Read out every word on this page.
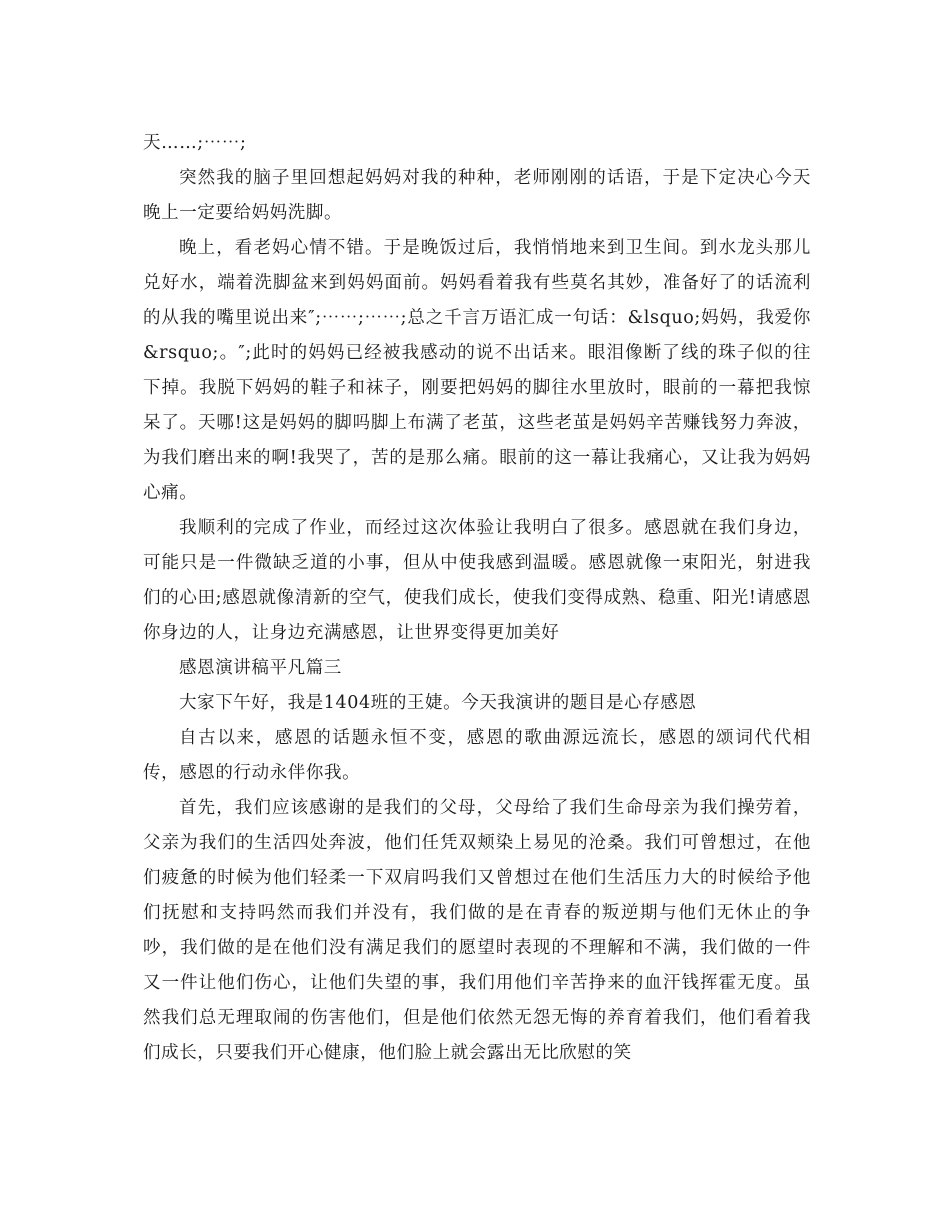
天……;⋯⋯;

突然我的脑子里回想起妈妈对我的种种，老师刚刚的话语，于是下定决心今天晚上一定要给妈妈洗脚。

晚上，看老妈心情不错。于是晚饭过后，我悄悄地来到卫生间。到水龙头那儿兑好水，端着洗脚盆来到妈妈面前。妈妈看着我有些莫名其妙，准备好了的话流利的从我的嘴里说出来″;⋯⋯;⋯⋯;总之千言万语汇成一句话：&lsquo;妈妈，我爱你&rsquo;。″;此时的妈妈已经被我感动的说不出话来。眼泪像断了线的珠子似的往下掉。我脱下妈妈的鞋子和袜子，刚要把妈妈的脚往水里放时，眼前的一幕把我惊呆了。天哪!这是妈妈的脚吗脚上布满了老茧，这些老茧是妈妈辛苦赚钱努力奔波，为我们磨出来的啊!我哭了，苦的是那么痛。眼前的这一幕让我痛心，又让我为妈妈心痛。

我顺利的完成了作业，而经过这次体验让我明白了很多。感恩就在我们身边，可能只是一件微缺乏道的小事，但从中使我感到温暖。感恩就像一束阳光，射进我们的心田;感恩就像清新的空气，使我们成长，使我们变得成熟、稳重、阳光!请感恩你身边的人，让身边充满感恩，让世界变得更加美好

感恩演讲稿平凡篇三

大家下午好，我是1404班的王婕。今天我演讲的题目是心存感恩

自古以来，感恩的话题永恒不变，感恩的歌曲源远流长，感恩的颂词代代相传，感恩的行动永伴你我。

首先，我们应该感谢的是我们的父母，父母给了我们生命母亲为我们操劳着，父亲为我们的生活四处奔波，他们任凭双颊染上易见的沧桑。我们可曾想过，在他们疲惫的时候为他们轻柔一下双肩吗我们又曾想过在他们生活压力大的时候给予他们抚慰和支持吗然而我们并没有，我们做的是在青春的叛逆期与他们无休止的争吵，我们做的是在他们没有满足我们的愿望时表现的不理解和不满，我们做的一件又一件让他们伤心，让他们失望的事，我们用他们辛苦挣来的血汗钱挥霍无度。虽然我们总无理取闹的伤害他们，但是他们依然无怨无悔的养育着我们，他们看着我们成长，只要我们开心健康，他们脸上就会露出无比欣慰的笑
